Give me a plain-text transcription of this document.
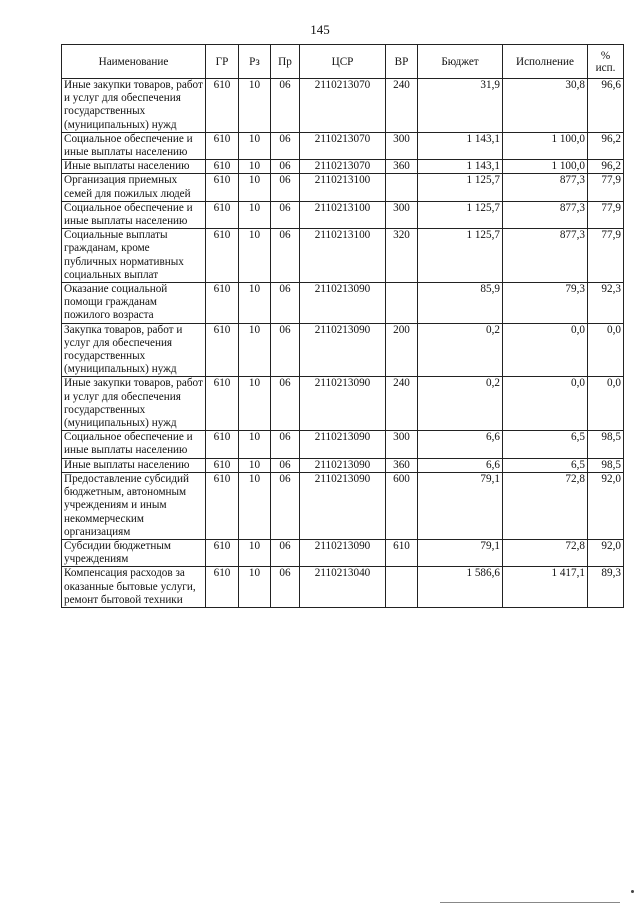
145
Наименование	ГР	Рз	Пр	ЦСР	ВР	Бюджет	Исполнение	%
исп.
Иные закупки товаров, работ и услуг для обеспечения государственных (муниципальных) нужд	610	10	06	2110213070	240	31,9	30,8	96,6
Социальное обеспечение и иные выплаты населению	610	10	06	2110213070	300	1 143,1	1 100,0	96,2
Иные выплаты населению	610	10	06	2110213070	360	1 143,1	1 100,0	96,2
Организация приемных семей для пожилых людей	610	10	06	2110213100		1 125,7	877,3	77,9
Социальное обеспечение и иные выплаты населению	610	10	06	2110213100	300	1 125,7	877,3	77,9
Социальные выплаты гражданам, кроме публичных нормативных социальных выплат	610	10	06	2110213100	320	1 125,7	877,3	77,9
Оказание социальной помощи гражданам пожилого возраста	610	10	06	2110213090		85,9	79,3	92,3
Закупка товаров, работ и услуг для обеспечения государственных (муниципальных) нужд	610	10	06	2110213090	200	0,2	0,0	0,0
Иные закупки товаров, работ и услуг для обеспечения государственных (муниципальных) нужд	610	10	06	2110213090	240	0,2	0,0	0,0
Социальное обеспечение и иные выплаты населению	610	10	06	2110213090	300	6,6	6,5	98,5
Иные выплаты населению	610	10	06	2110213090	360	6,6	6,5	98,5
Предоставление субсидий бюджетным, автономным учреждениям и иным некоммерческим организациям	610	10	06	2110213090	600	79,1	72,8	92,0
Субсидии бюджетным учреждениям	610	10	06	2110213090	610	79,1	72,8	92,0
Компенсация расходов за оказанные бытовые услуги, ремонт бытовой техники	610	10	06	2110213040		1 586,6	1 417,1	89,3
